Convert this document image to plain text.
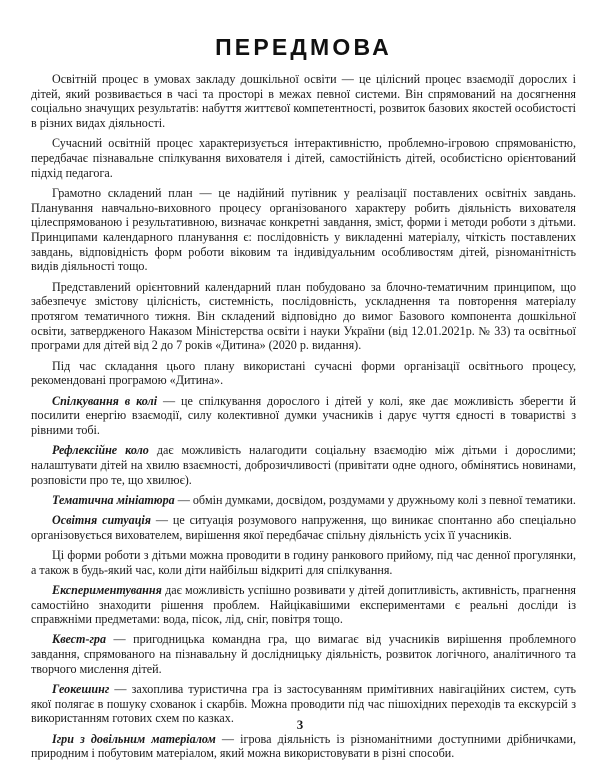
ПЕРЕДМОВА

Освітній процес в умовах закладу дошкільної освіти — це цілісний процес взаємодії дорослих і дітей, який розвивається в часі та просторі в межах певної системи. Він спрямований на досягнення соціально значущих результатів: набуття життєвої компетентності, розвиток базових якостей особистості в різних видах діяльності.

Сучасний освітній процес характеризується інтерактивністю, проблемно-ігровою спрямованістю, передбачає пізнавальне спілкування вихователя і дітей, самостійність дітей, особистісно орієнтований підхід педагога.

Грамотно складений план — це надійний путівник у реалізації поставлених освітніх завдань. Планування навчально-виховного процесу організованого характеру робить діяльність вихователя цілеспрямованою і результативною, визначає конкретні завдання, зміст, форми і методи роботи з дітьми. Принципами календарного планування є: послідовність у викладенні матеріалу, чіткість поставлених завдань, відповідність форм роботи віковим та індивідуальним особливостям дітей, різноманітність видів діяльності тощо.

Представлений орієнтовний календарний план побудовано за блочно-тематичним принципом, що забезпечує змістову цілісність, системність, послідовність, ускладнення та повторення матеріалу протягом тематичного тижня. Він складений відповідно до вимог Базового компонента дошкільної освіти, затвердженого Наказом Міністерства освіти і науки України (від 12.01.2021р. № 33) та освітньої програми для дітей від 2 до 7 років «Дитина» (2020 р. видання).

Під час складання цього плану використані сучасні форми організації освітнього процесу, рекомендовані програмою «Дитина».

Спілкування в колі — це спілкування дорослого і дітей у колі, яке дає можливість зберегти й посилити енергію взаємодії, силу колективної думки учасників і дарує чуття єдності в товаристві з рівними тобі.

Рефлексійне коло дає можливість налагодити соціальну взаємодію між дітьми і дорослими; налаштувати дітей на хвилю взаємності, доброзичливості (привітати одне одного, обмінятись новинами, розповісти про те, що хвилює).

Тематична мініатюра — обмін думками, досвідом, роздумами у дружньому колі з певної тематики.

Освітня ситуація — це ситуація розумового напруження, що виникає спонтанно або спеціально організовується вихователем, вирішення якої передбачає спільну діяльність усіх її учасників.

Ці форми роботи з дітьми можна проводити в годину ранкового прийому, під час денної прогулянки, а також в будь-який час, коли діти найбільш відкриті для спілкування.

Експериментування дає можливість успішно розвивати у дітей допитливість, активність, прагнення самостійно знаходити рішення проблем. Найцікавішими експериментами є реальні досліди із справжніми предметами: вода, пісок, лід, сніг, повітря тощо.

Квест-гра — пригодницька командна гра, що вимагає від учасників вирішення проблемного завдання, спрямованого на пізнавальну й дослідницьку діяльність, розвиток логічного, аналітичного та творчого мислення дітей.

Геокешинг — захоплива туристична гра із застосуванням примітивних навігаційних систем, суть якої полягає в пошуку схованок і скарбів. Можна проводити під час пішохідних переходів та екскурсій з використанням готових схем по казках.

Ігри з довільним матеріалом — ігрова діяльність із різноманітними доступними дрібничками, природним і побутовим матеріалом, який можна використовувати в різні способи.

3
